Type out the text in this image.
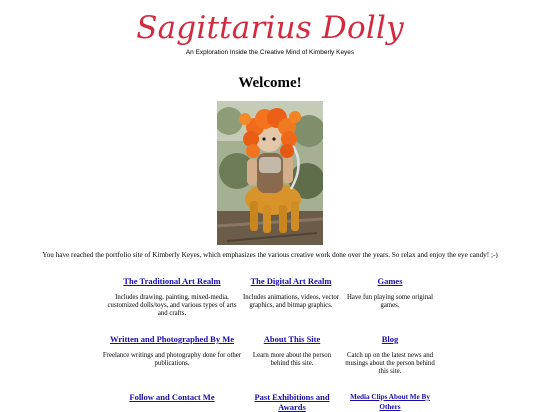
Sagittarius Dolly
An Exploration Inside the Creative Mind of Kimberly Keyes
Welcome!
You have reached the portfolio site of Kimberly Keyes, which emphasizes the various creative work done over the years. So relax and enjoy the eye candy! ;-)
The Traditional Art Realm
Includes drawing, painting, mixed-media, customized dolls/toys, and various types of arts and crafts.
The Digital Art Realm
Includes animations, videos, vector graphics, and bitmap graphics.
Games
Have fun playing some original games.
Written and Photographed By Me
Freelance writings and photography done for other publications.
About This Site
Learn more about the person behind this site.
Blog
Catch up on the latest news and musings about the person behind this site.
Follow and Contact Me	Past Exhibitions and Awards
Media Clips About Me By Others
